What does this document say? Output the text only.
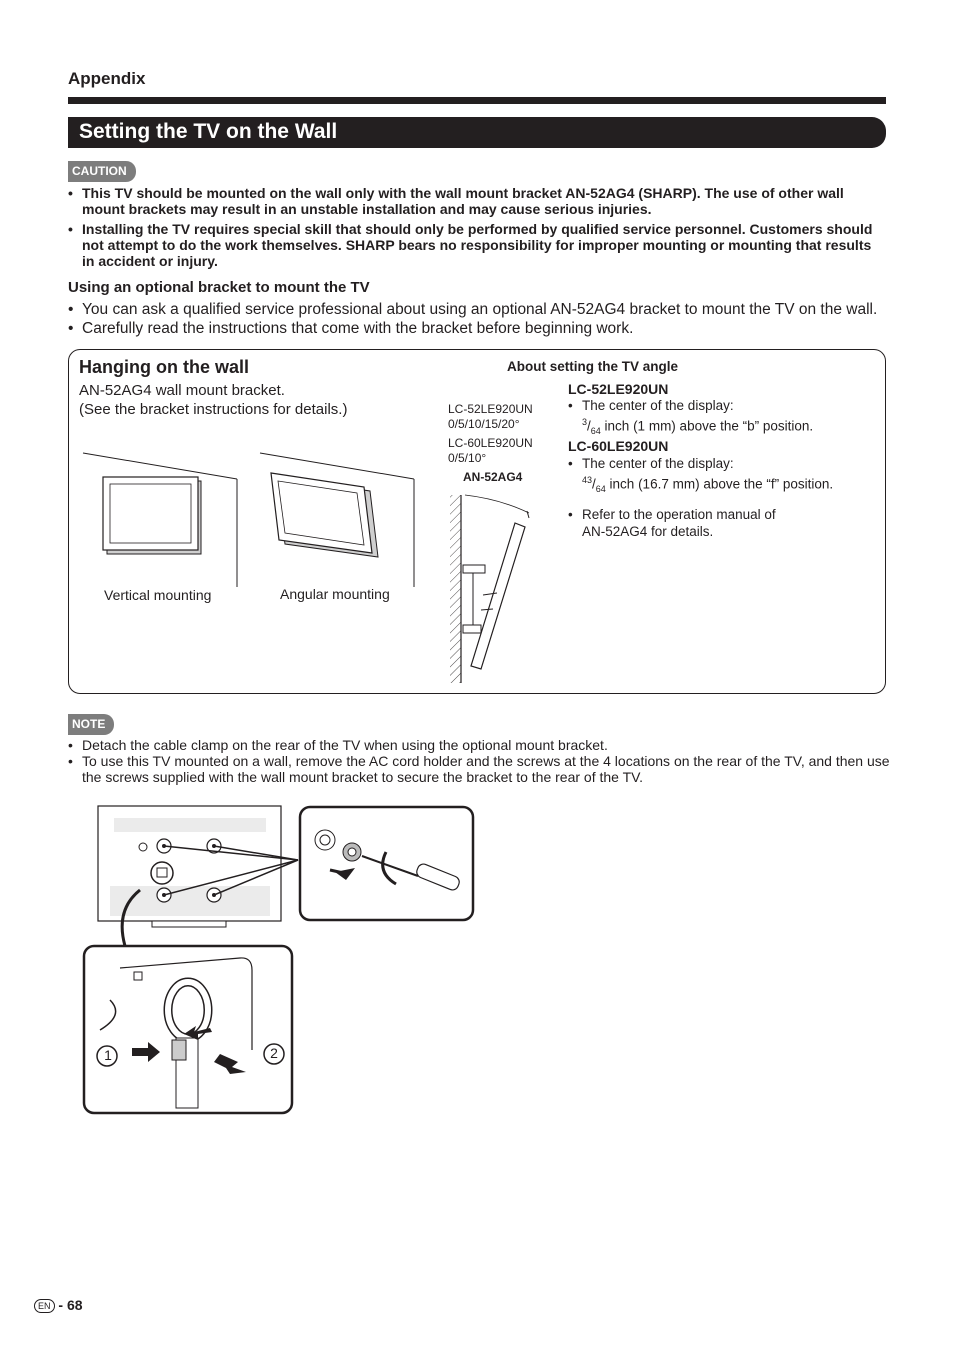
Appendix
Setting the TV on the Wall
CAUTION
• This TV should be mounted on the wall only with the wall mount bracket AN-52AG4 (SHARP). The use of other wall mount brackets may result in an unstable installation and may cause serious injuries.
• Installing the TV requires special skill that should only be performed by qualified service personnel. Customers should not attempt to do the work themselves. SHARP bears no responsibility for improper mounting or mounting that results in accident or injury.
Using an optional bracket to mount the TV
• You can ask a qualified service professional about using an optional AN-52AG4 bracket to mount the TV on the wall.
• Carefully read the instructions that come with the bracket before beginning work.
Hanging on the wall
AN-52AG4 wall mount bracket.
(See the bracket instructions for details.)
Vertical mounting	Angular mounting
About setting the TV angle
LC-52LE920UN
0/5/10/15/20°
LC-60LE920UN
0/5/10°
AN-52AG4
LC-52LE920UN
• The center of the display:
$^3/_{64}$ inch (1 mm) above the “b” position.
LC-60LE920UN
• The center of the display:
$^{43}/_{64}$ inch (16.7 mm) above the “f” position.
• Refer to the operation manual of
AN-52AG4 for details.
NOTE
• Detach the cable clamp on the rear of the TV when using the optional mount bracket.
• To use this TV mounted on a wall, remove the AC cord holder and the screws at the 4 locations on the rear of the TV, and then use the screws supplied with the wall mount bracket to secure the bracket to the rear of the TV.
1	2
EN - 68
